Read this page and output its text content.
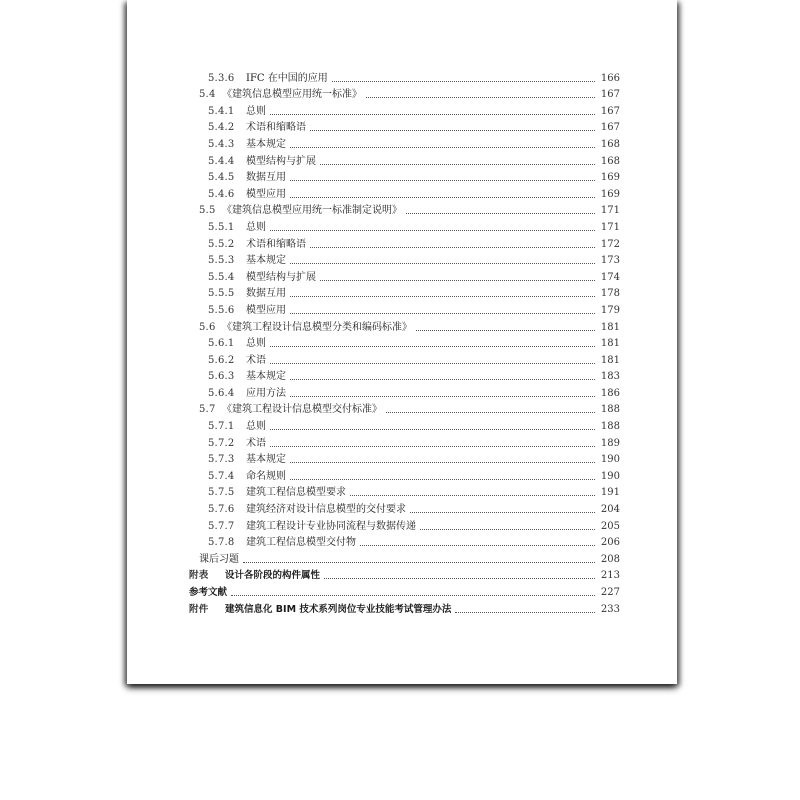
5.3.6	IFC 在中国的应用	166
5.4 《建筑信息模型应用统一标准》	167
5.4.1	总则	167
5.4.2	术语和缩略语	167
5.4.3	基本规定	168
5.4.4	模型结构与扩展	168
5.4.5	数据互用	169
5.4.6	模型应用	169
5.5 《建筑信息模型应用统一标准制定说明》	171
5.5.1	总则	171
5.5.2	术语和缩略语	172
5.5.3	基本规定	173
5.5.4	模型结构与扩展	174
5.5.5	数据互用	178
5.5.6	模型应用	179
5.6 《建筑工程设计信息模型分类和编码标准》	181
5.6.1	总则	181
5.6.2	术语	181
5.6.3	基本规定	183
5.6.4	应用方法	186
5.7 《建筑工程设计信息模型交付标准》	188
5.7.1	总则	188
5.7.2	术语	189
5.7.3	基本规定	190
5.7.4	命名规则	190
5.7.5	建筑工程信息模型要求	191
5.7.6	建筑经济对设计信息模型的交付要求	204
5.7.7	建筑工程设计专业协同流程与数据传递	205
5.7.8	建筑工程信息模型交付物	206
课后习题	208
附表	设计各阶段的构件属性	213
参考文献	227
附件	建筑信息化 BIM 技术系列岗位专业技能考试管理办法	233
